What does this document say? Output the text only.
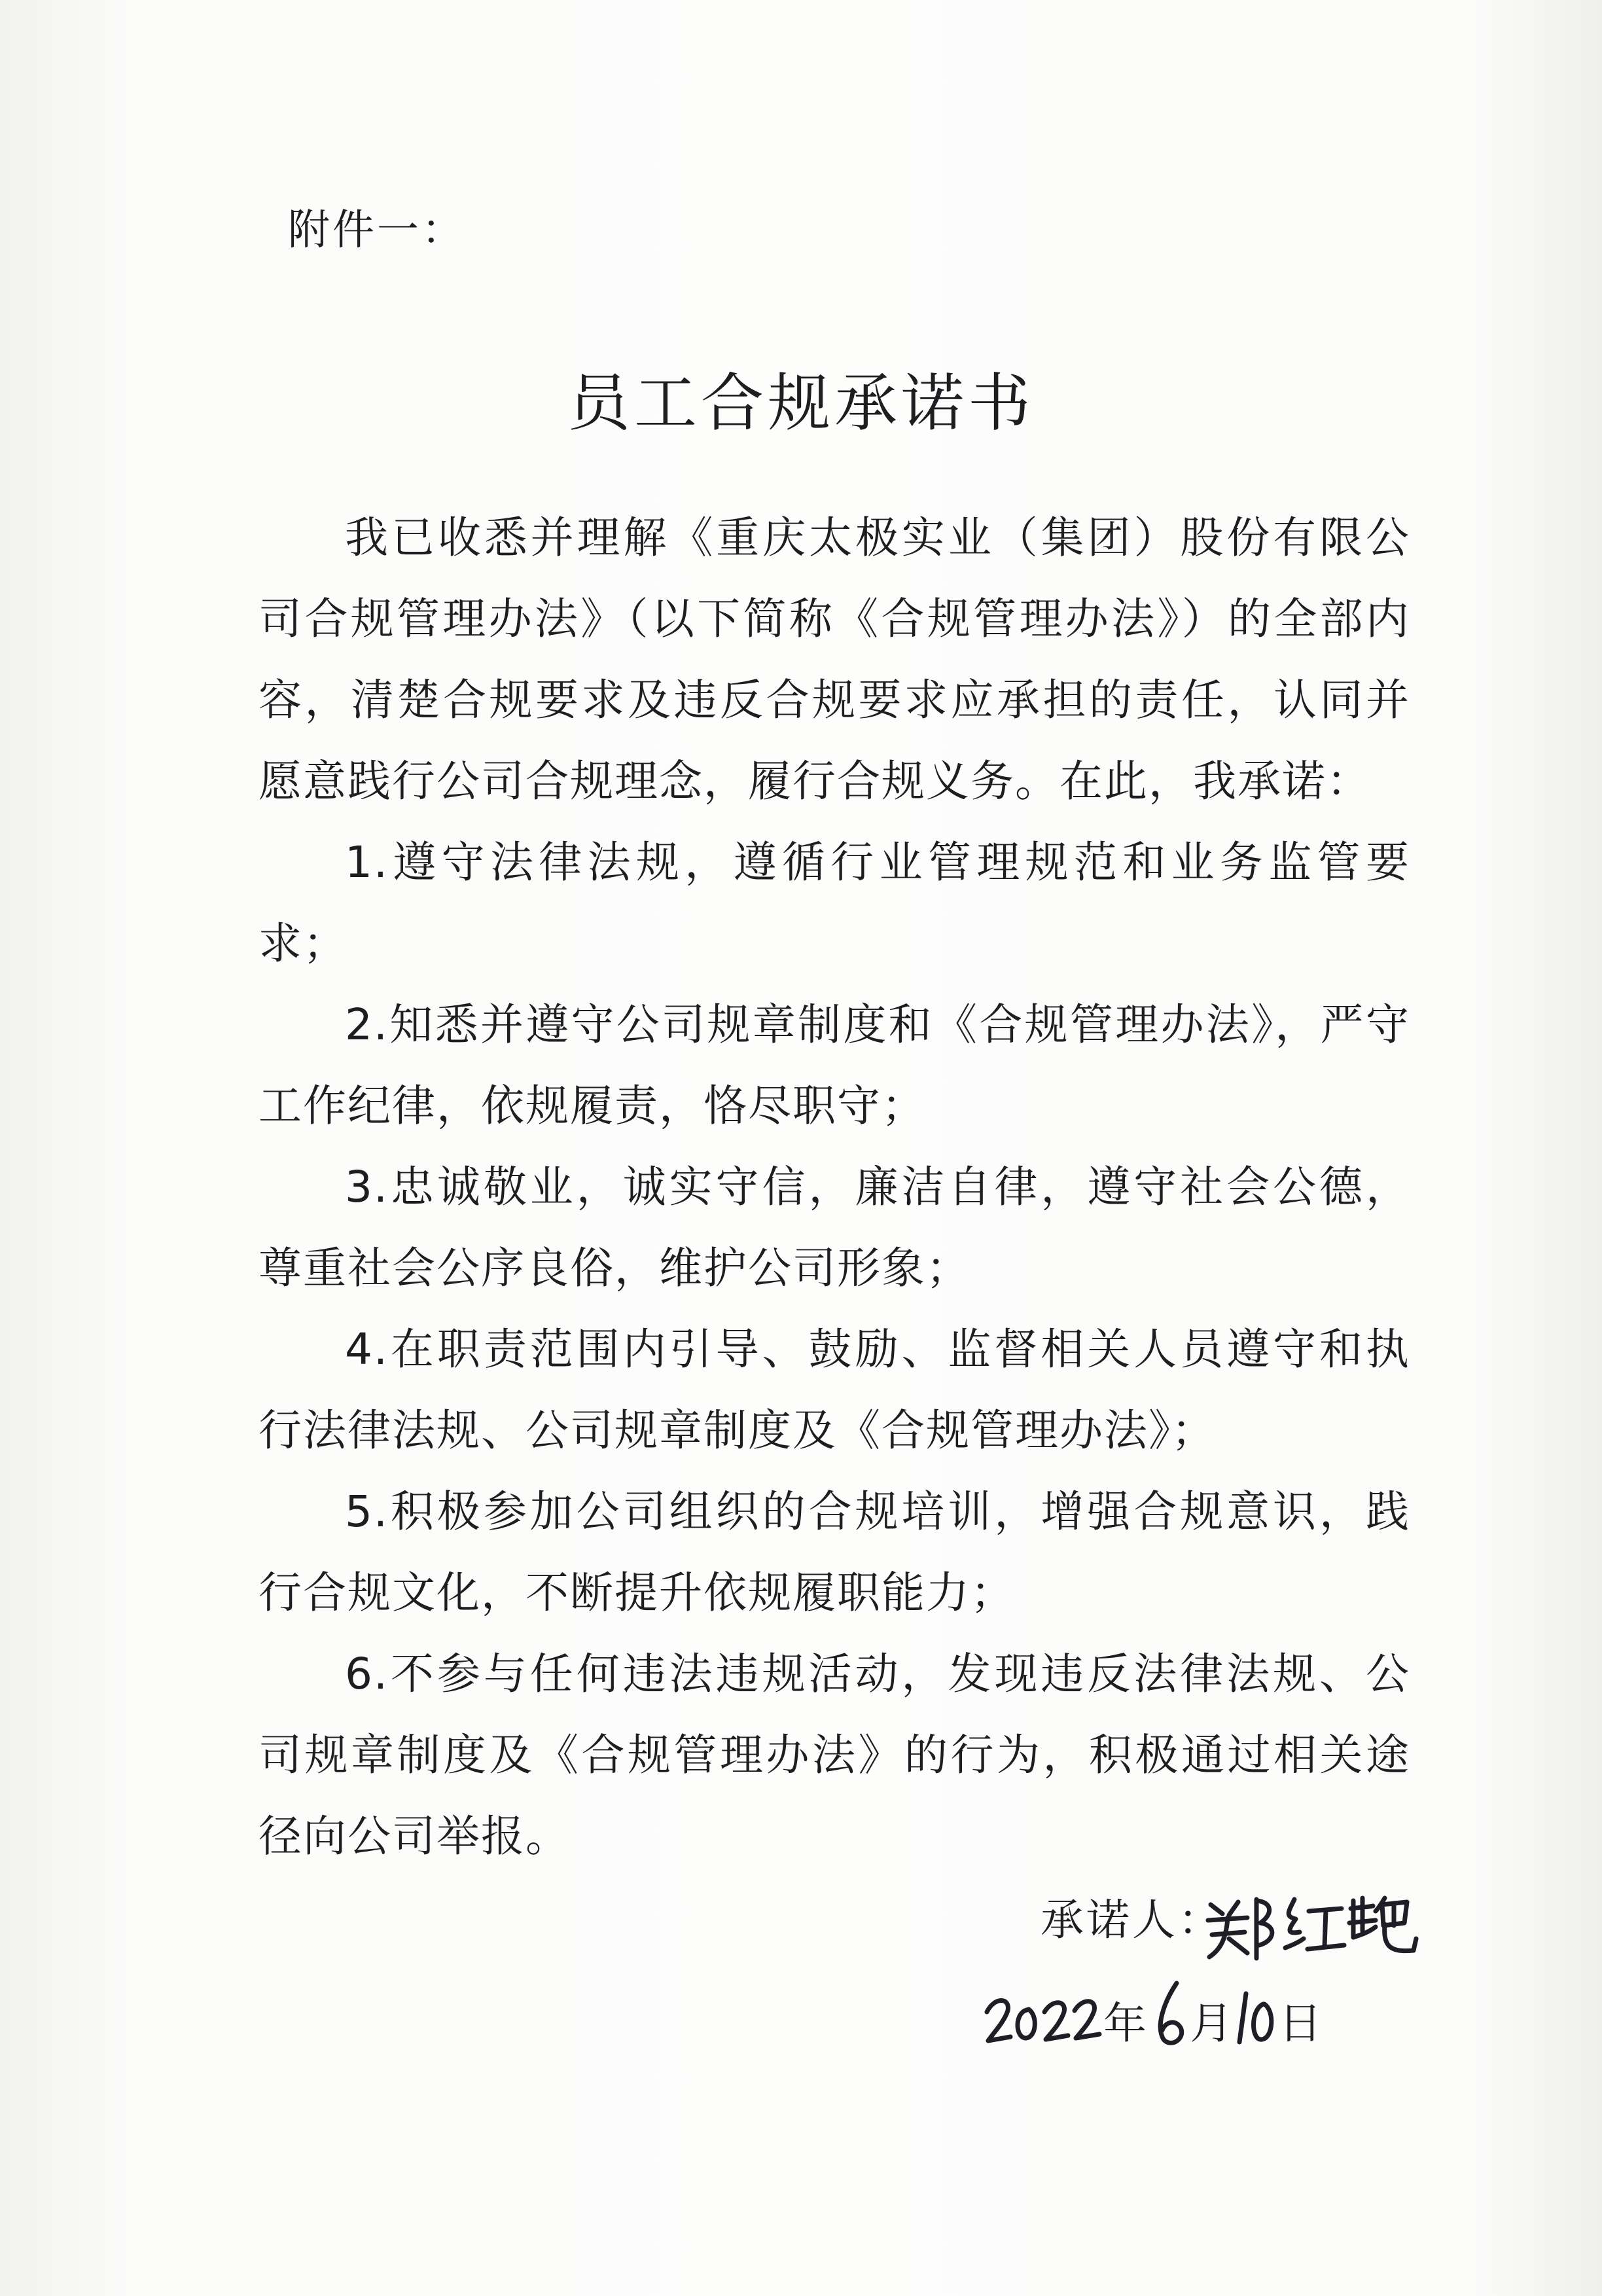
附件一：
员工合规承诺书

我已收悉并理解《重庆太极实业（集团）股份有限公司合规管理办法》（以下简称《合规管理办法》）的全部内容，清楚合规要求及违反合规要求应承担的责任，认同并愿意践行公司合规理念，履行合规义务。在此，我承诺：

1.遵守法律法规，遵循行业管理规范和业务监管要求；

2.知悉并遵守公司规章制度和《合规管理办法》，严守工作纪律，依规履责，恪尽职守；

3.忠诚敬业，诚实守信，廉洁自律，遵守社会公德，尊重社会公序良俗，维护公司形象；

4.在职责范围内引导、鼓励、监督相关人员遵守和执行法律法规、公司规章制度及《合规管理办法》；

5.积极参加公司组织的合规培训，增强合规意识，践行合规文化，不断提升依规履职能力；

6.不参与任何违法违规活动，发现违反法律法规、公司规章制度及《合规管理办法》的行为，积极通过相关途径向公司举报。

承诺人：
年 月 日
